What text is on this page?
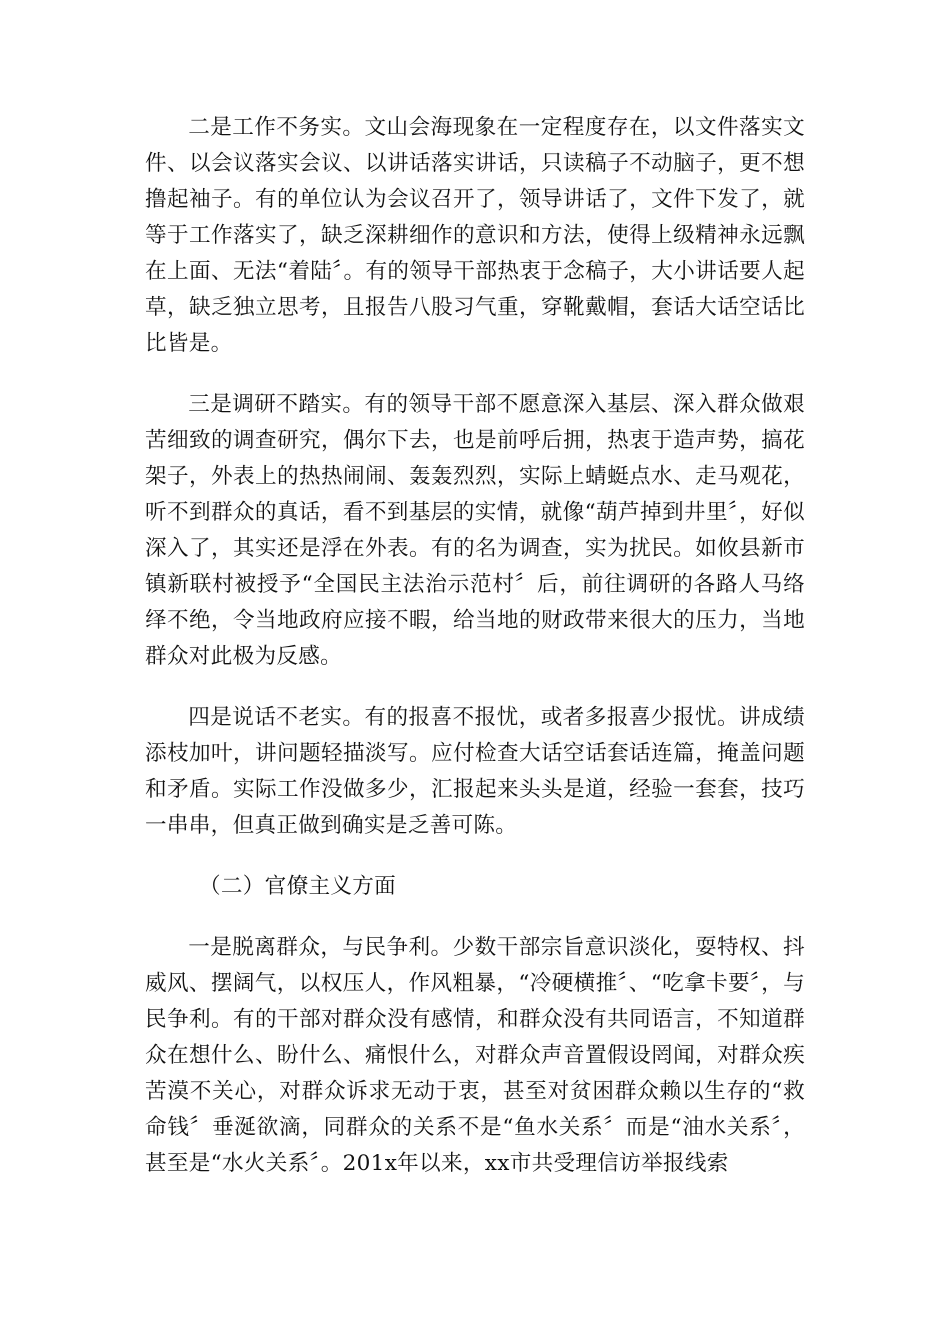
二是工作不务实。文山会海现象在一定程度存在，以文件落实文件、以会议落实会议、以讲话落实讲话，只读稿子不动脑子，更不想撸起袖子。有的单位认为会议召开了，领导讲话了，文件下发了，就等于工作落实了，缺乏深耕细作的意识和方法，使得上级精神永远飘在上面、无法“着陆〞。有的领导干部热衷于念稿子，大小讲话要人起草，缺乏独立思考，且报告八股习气重，穿靴戴帽，套话大话空话比比皆是。

三是调研不踏实。有的领导干部不愿意深入基层、深入群众做艰苦细致的调查研究，偶尔下去，也是前呼后拥，热衷于造声势，搞花架子，外表上的热热闹闹、轰轰烈烈，实际上蜻蜓点水、走马观花，听不到群众的真话，看不到基层的实情，就像“葫芦掉到井里〞，好似深入了，其实还是浮在外表。有的名为调查，实为扰民。如攸县新市镇新联村被授予“全国民主法治示范村〞后，前往调研的各路人马络绎不绝，令当地政府应接不暇，给当地的财政带来很大的压力，当地群众对此极为反感。

四是说话不老实。有的报喜不报忧，或者多报喜少报忧。讲成绩添枝加叶，讲问题轻描淡写。应付检查大话空话套话连篇，掩盖问题和矛盾。实际工作没做多少，汇报起来头头是道，经验一套套，技巧一串串，但真正做到确实是乏善可陈。

（二）官僚主义方面

一是脱离群众，与民争利。少数干部宗旨意识淡化，耍特权、抖威风、摆阔气，以权压人，作风粗暴，“冷硬横推〞、“吃拿卡要〞，与民争利。有的干部对群众没有感情，和群众没有共同语言，不知道群众在想什么、盼什么、痛恨什么，对群众声音置假设罔闻，对群众疾苦漠不关心，对群众诉求无动于衷，甚至对贫困群众赖以生存的“救命钱〞垂涎欲滴，同群众的关系不是“鱼水关系〞而是“油水关系〞，甚至是“水火关系〞。201x年以来，xx市共受理信访举报线索
